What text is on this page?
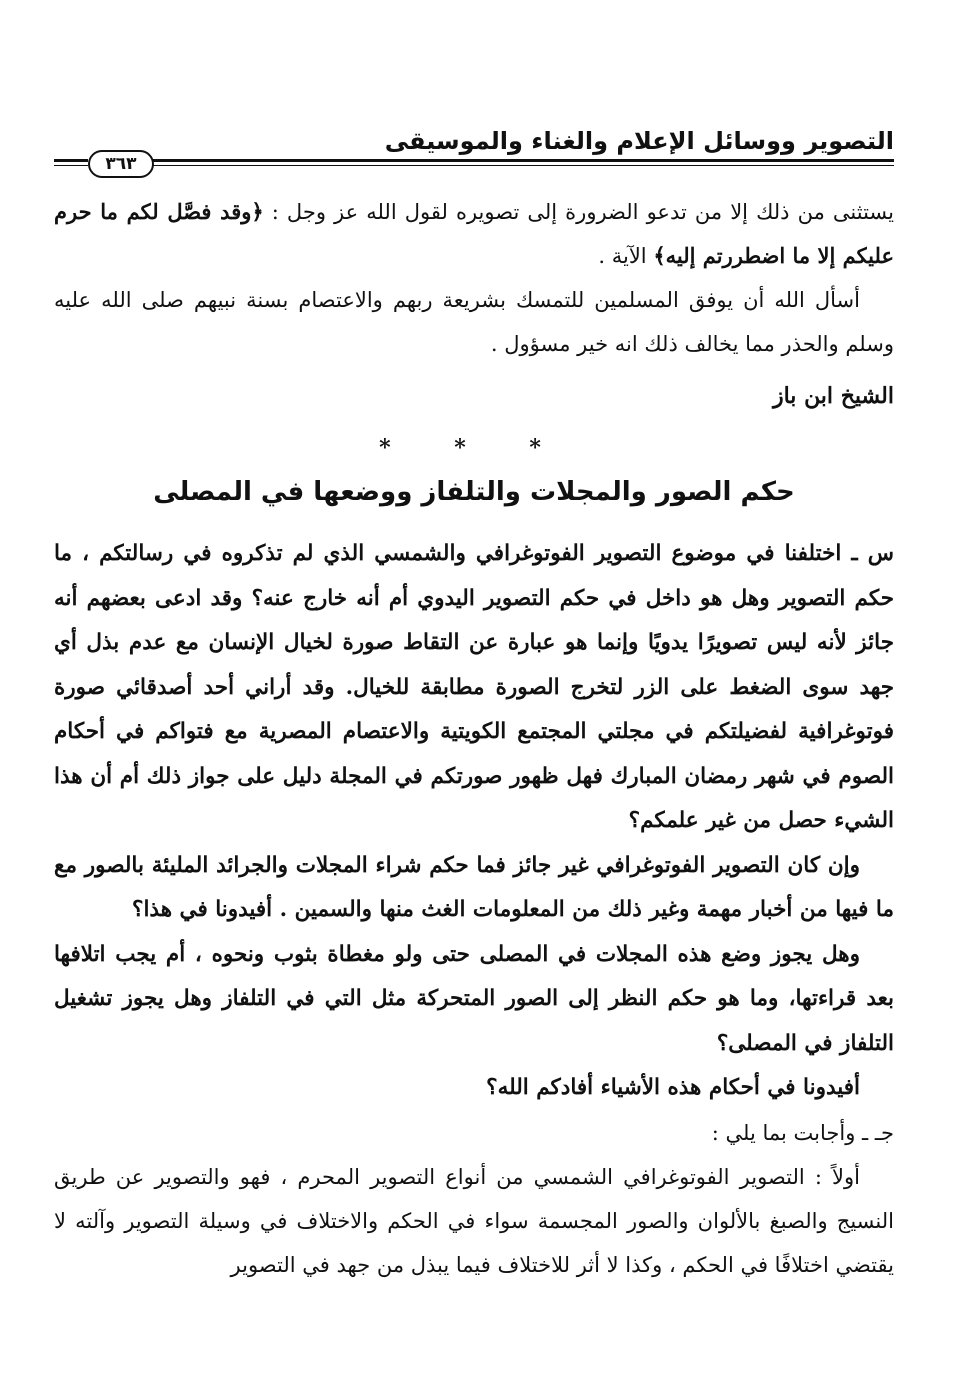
التصوير ووسائل الإعلام والغناء والموسيقى
٣٦٣

يستثنى من ذلك إلا من تدعو الضرورة إلى تصويره لقول الله عز وجل : ﴿وقد فصَّل لكم ما حرم عليكم إلا ما اضطررتم إليه﴾ الآية .

أسأل الله أن يوفق المسلمين للتمسك بشريعة ربهم والاعتصام بسنة نبيهم صلى الله عليه وسلم والحذر مما يخالف ذلك انه خير مسؤول .

الشيخ ابن باز

* * *

حكم الصور والمجلات والتلفاز ووضعها في المصلى

س ـ اختلفنا في موضوع التصوير الفوتوغرافي والشمسي الذي لم تذكروه في رسالتكم ، ما حكم التصوير وهل هو داخل في حكم التصوير اليدوي أم أنه خارج عنه؟ وقد ادعى بعضهم أنه جائز لأنه ليس تصويرًا يدويًا وإنما هو عبارة عن التقاط صورة لخيال الإنسان مع عدم بذل أي جهد سوى الضغط على الزر لتخرج الصورة مطابقة للخيال. وقد أراني أحد أصدقائي صورة فوتوغرافية لفضيلتكم في مجلتي المجتمع الكويتية والاعتصام المصرية مع فتواكم في أحكام الصوم في شهر رمضان المبارك فهل ظهور صورتكم في المجلة دليل على جواز ذلك أم أن هذا الشيء حصل من غير علمكم؟

وإن كان التصوير الفوتوغرافي غير جائز فما حكم شراء المجلات والجرائد المليئة بالصور مع ما فيها من أخبار مهمة وغير ذلك من المعلومات الغث منها والسمين . أفيدونا في هذا؟

وهل يجوز وضع هذه المجلات في المصلى حتى ولو مغطاة بثوب ونحوه ، أم يجب اتلافها بعد قراءتها، وما هو حكم النظر إلى الصور المتحركة مثل التي في التلفاز وهل يجوز تشغيل التلفاز في المصلى؟

أفيدونا في أحكام هذه الأشياء أفادكم الله؟

جـ ـ وأجابت بما يلي :

أولاً : التصوير الفوتوغرافي الشمسي من أنواع التصوير المحرم ، فهو والتصوير عن طريق النسيج والصبغ بالألوان والصور المجسمة سواء في الحكم والاختلاف في وسيلة التصوير وآلته لا يقتضي اختلافًا في الحكم ، وكذا لا أثر للاختلاف فيما يبذل من جهد في التصوير
